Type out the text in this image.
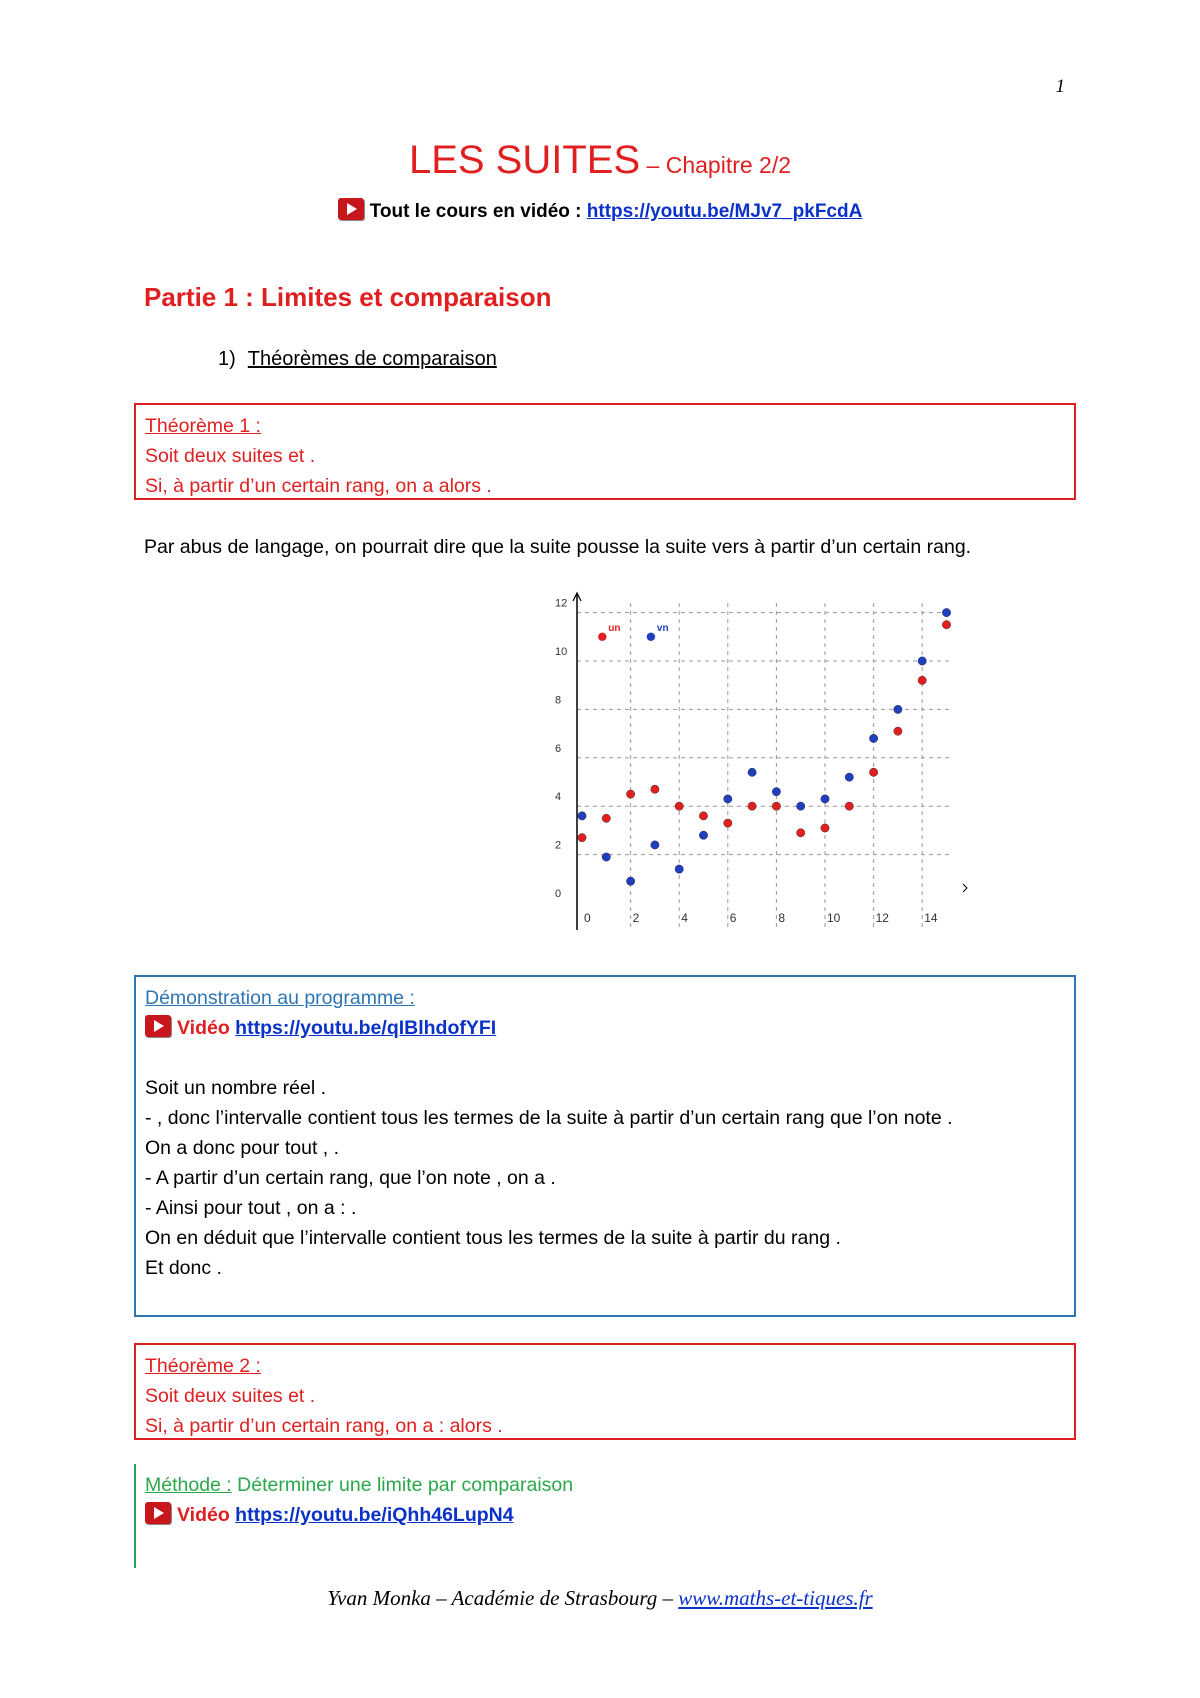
1
LES SUITES – Chapitre 2/2
Tout le cours en vidéo : https://youtu.be/MJv7_pkFcdA
Partie 1 : Limites et comparaison
1) Théorèmes de comparaison
Théorème 1 :
Soit deux suites et .
Si, à partir d’un certain rang, on a alors .
Par abus de langage, on pourrait dire que la suite pousse la suite vers à partir d’un certain rang.
0
2
4
6
8
10
12
0	2	4	6	8	10	12	14
un	vn
Démonstration au programme :
Vidéo https://youtu.be/qIBlhdofYFI
Soit un nombre réel .
- , donc l’intervalle contient tous les termes de la suite à partir d’un certain rang que l’on note .
On a donc pour tout , .
- A partir d’un certain rang, que l’on note , on a .
- Ainsi pour tout , on a : .
On en déduit que l’intervalle contient tous les termes de la suite à partir du rang .
Et donc .
Théorème 2 :
Soit deux suites et .
Si, à partir d’un certain rang, on a : alors .
Méthode : Déterminer une limite par comparaison
Vidéo https://youtu.be/iQhh46LupN4
Yvan Monka – Académie de Strasbourg – www.maths-et-tiques.fr
